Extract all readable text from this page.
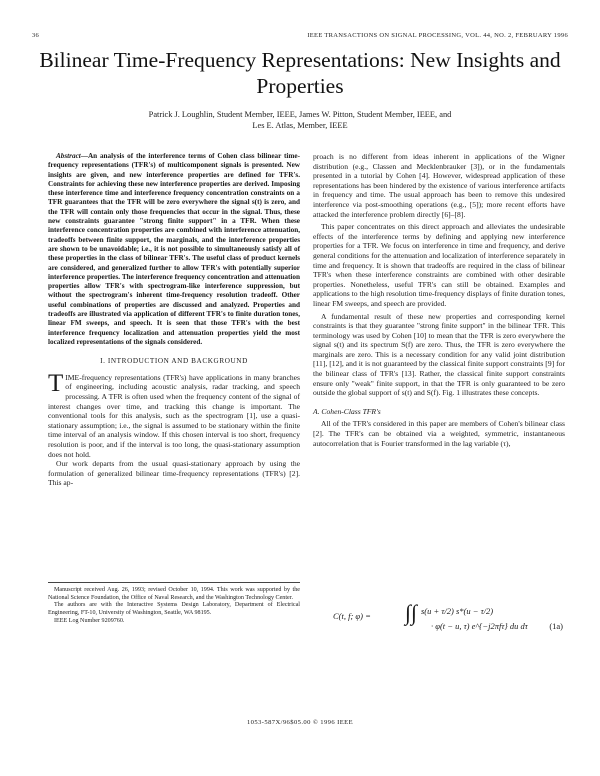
36	IEEE TRANSACTIONS ON SIGNAL PROCESSING, VOL. 44, NO. 2, FEBRUARY 1996
Bilinear Time-Frequency Representations: New Insights and Properties
Patrick J. Loughlin, Student Member, IEEE, James W. Pitton, Student Member, IEEE, and
Les E. Atlas, Member, IEEE

Abstract—An analysis of the interference terms of Cohen class bilinear time-frequency representations (TFR's) of multicomponent signals is presented. New insights are given, and new interference properties are defined for TFR's. Constraints for achieving these new interference properties are derived. Imposing these interference time and interference frequency concentration constraints on a TFR guarantees that the TFR will be zero everywhere the signal s(t) is zero, and the TFR will contain only those frequencies that occur in the signal. Thus, these new constraints guarantee "strong finite support" in a TFR. When these interference concentration properties are combined with interference attenuation, tradeoffs between finite support, the marginals, and the interference properties are shown to be unavoidable; i.e., it is not possible to simultaneously satisfy all of these properties in the class of bilinear TFR's. The useful class of product kernels are considered, and generalized further to allow TFR's with potentially superior interference properties. The interference frequency concentration and attenuation properties allow TFR's with spectrogram-like interference suppression, but without the spectrogram's inherent time-frequency resolution tradeoff. Other useful combinations of properties are discussed and analyzed. Properties and tradeoffs are illustrated via application of different TFR's to finite duration tones, linear FM sweeps, and speech. It is seen that those TFR's with the best interference frequency localization and attenuation properties yield the most localized representations of the signals considered.

I. INTRODUCTION AND BACKGROUND

TIME-frequency representations (TFR's) have applications in many branches of engineering, including acoustic analysis, radar tracking, and speech processing. A TFR is often used when the frequency content of the signal of interest changes over time, and tracking this change is important. The conventional tools for this analysis, such as the spectrogram [1], use a quasi-stationary assumption; i.e., the signal is assumed to be stationary within the finite time interval of an analysis window. If this chosen interval is too short, frequency resolution is poor, and if the interval is too long, the quasi-stationary assumption does not hold.

Our work departs from the usual quasi-stationary approach by using the formulation of generalized bilinear time-frequency representations (TFR's) [2]. This ap-

Manuscript received Aug. 26, 1993; revised October 10, 1994. This work was supported by the National Science Foundation, the Office of Naval Research, and the Washington Technology Center.

The authors are with the Interactive Systems Design Laboratory, Department of Electrical Engineering, FT-10, University of Washington, Seattle, WA 98195.

IEEE Log Number 9209760.

proach is no different from ideas inherent in applications of the Wigner distribution (e.g., Classen and Mecklenbrauker [3]), or in the fundamentals presented in a tutorial by Cohen [4]. However, widespread application of these representations has been hindered by the existence of various interference artifacts in frequency and time. The usual approach has been to remove this undesired interference via post-smoothing operations (e.g., [5]); more recent efforts have attacked the interference problem directly [6]–[8].

This paper concentrates on this direct approach and alleviates the undesirable effects of the interference terms by defining and applying new interference properties for a TFR. We focus on interference in time and frequency, and derive general conditions for the attenuation and localization of interference separately in time and frequency. It is shown that tradeoffs are required in the class of bilinear TFR's when these interference constraints are combined with other desirable properties. Nonetheless, useful TFR's can still be obtained. Examples and applications to the high resolution time-frequency displays of finite duration tones, linear FM sweeps, and speech are provided.

A fundamental result of these new properties and corresponding kernel constraints is that they guarantee "strong finite support" in the bilinear TFR. This terminology was used by Cohen [10] to mean that the TFR is zero everywhere the signal s(t) and its spectrum S(f) are zero. Thus, the TFR is zero everywhere the marginals are zero. This is a necessary condition for any valid joint distribution [11], [12], and it is not guaranteed by the classical finite support constraints [9] for the bilinear class of TFR's [13]. Rather, the classical finite support constraints ensure only "weak" finite support, in that the TFR is only guaranteed to be zero outside the global support of s(t) and S(f). Fig. 1 illustrates these concepts.

A. Cohen-Class TFR's

All of the TFR's considered in this paper are members of Cohen's bilinear class [2]. The TFR's can be obtained via a weighted, symmetric, instantaneous autocorrelation that is Fourier transformed in the lag variable (τ),

C(t, f; φ) = ∫∫ s(u + τ/2) s*(u − τ/2)
· φ(t − u, τ) e^{−j2πfτ} du dτ	(1a)
1053-587X/96$05.00 © 1996 IEEE
